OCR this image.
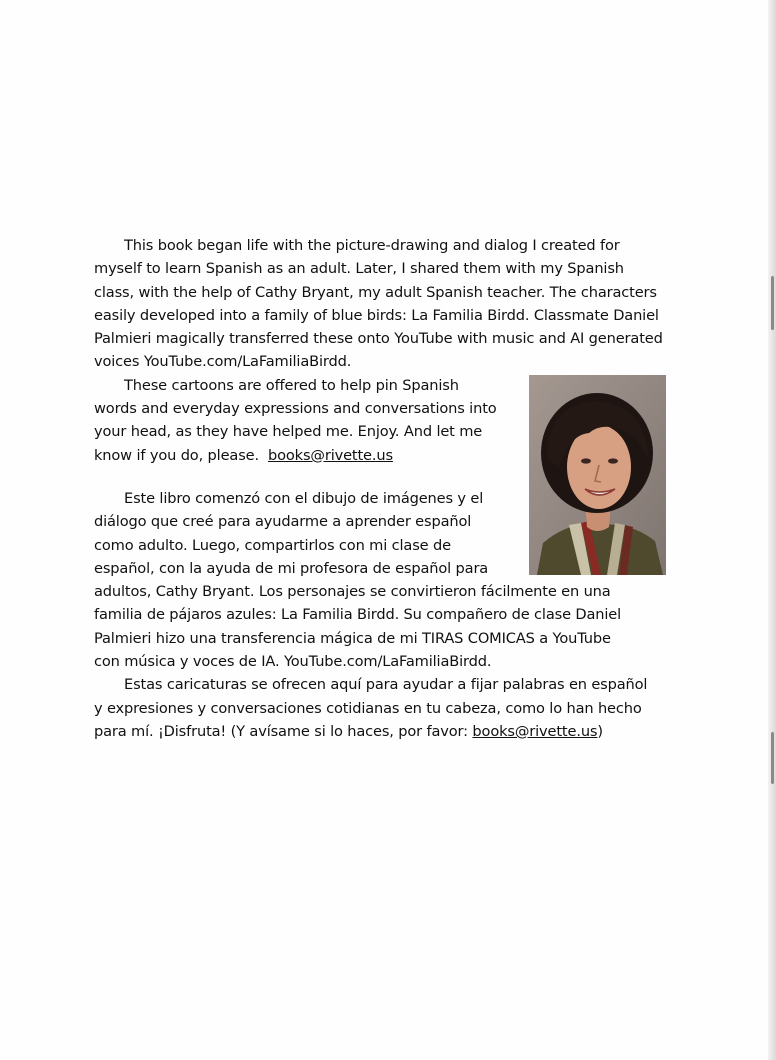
This book began life with the picture-drawing and dialog I created for
myself to learn Spanish as an adult. Later, I shared them with my Spanish
class, with the help of Cathy Bryant, my adult Spanish teacher. The characters
easily developed into a family of blue birds: La Familia Birdd. Classmate Daniel
Palmieri magically transferred these onto YouTube with music and AI generated
voices YouTube.com/LaFamiliaBirdd.
These cartoons are offered to help pin Spanish
words and everyday expressions and conversations into
your head, as they have helped me. Enjoy. And let me
know if you do, please. books@rivette.us
Este libro comenzó con el dibujo de imágenes y el
diálogo que creé para ayudarme a aprender español
como adulto. Luego, compartirlos con mi clase de
español, con la ayuda de mi profesora de español para
adultos, Cathy Bryant. Los personajes se convirtieron fácilmente en una
familia de pájaros azules: La Familia Birdd. Su compañero de clase Daniel
Palmieri hizo una transferencia mágica de mi TIRAS COMICAS a YouTube
con música y voces de IA. YouTube.com/LaFamiliaBirdd.
Estas caricaturas se ofrecen aquí para ayudar a fijar palabras en español
y expresiones y conversaciones cotidianas en tu cabeza, como lo han hecho
para mí. ¡Disfruta! (Y avísame si lo haces, por favor: books@rivette.us)
